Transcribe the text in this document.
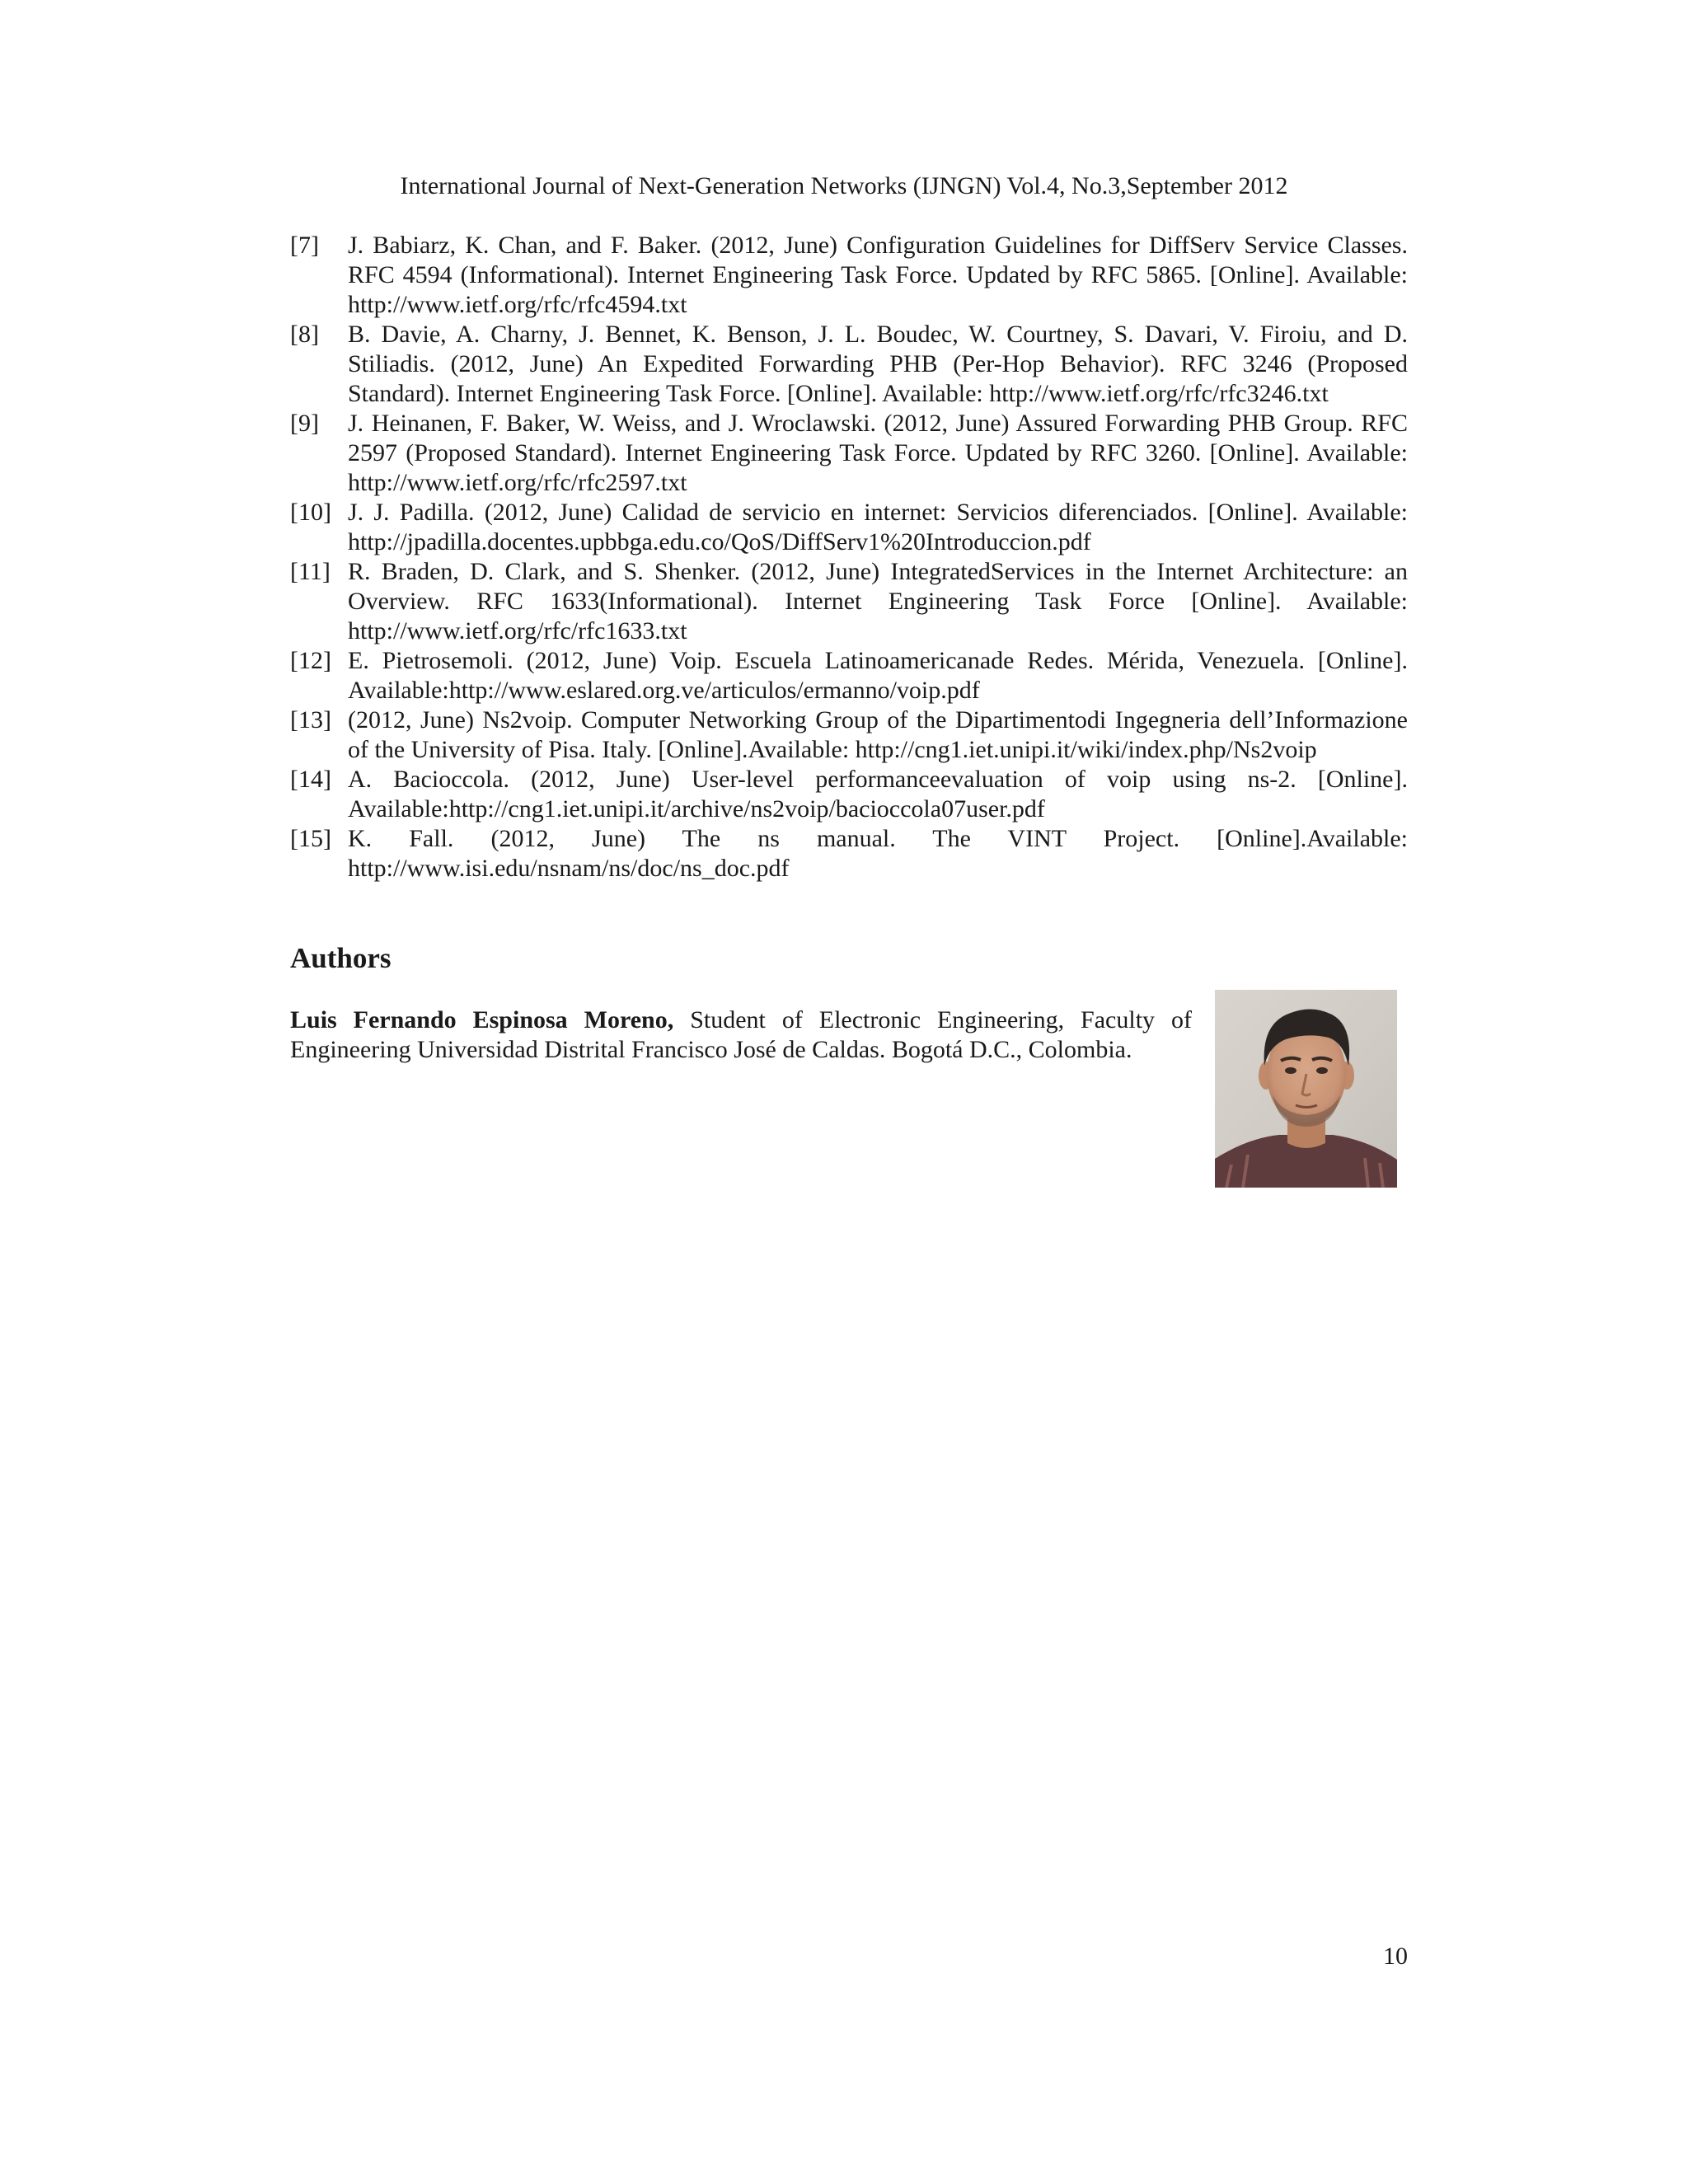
International Journal of Next-Generation Networks (IJNGN) Vol.4, No.3,September 2012
[7]	J. Babiarz, K. Chan, and F. Baker. (2012, June) Configuration Guidelines for DiffServ Service Classes. RFC 4594 (Informational). Internet Engineering Task Force. Updated by RFC 5865. [Online]. Available: http://www.ietf.org/rfc/rfc4594.txt
[8]	B. Davie, A. Charny, J. Bennet, K. Benson, J. L. Boudec, W. Courtney, S. Davari, V. Firoiu, and D. Stiliadis. (2012, June) An Expedited Forwarding PHB (Per-Hop Behavior). RFC 3246 (Proposed Standard). Internet Engineering Task Force. [Online]. Available: http://www.ietf.org/rfc/rfc3246.txt
[9]	J. Heinanen, F. Baker, W. Weiss, and J. Wroclawski. (2012, June) Assured Forwarding PHB Group. RFC 2597 (Proposed Standard). Internet Engineering Task Force. Updated by RFC 3260. [Online]. Available: http://www.ietf.org/rfc/rfc2597.txt
[10] J. J. Padilla. (2012, June) Calidad de servicio en internet: Servicios diferenciados. [Online]. Available: http://jpadilla.docentes.upbbga.edu.co/QoS/DiffServ1%20Introduccion.pdf
[11] R. Braden, D. Clark, and S. Shenker. (2012, June) IntegratedServices in the Internet Architecture: an Overview. RFC 1633(Informational). Internet Engineering Task Force [Online]. Available: http://www.ietf.org/rfc/rfc1633.txt
[12] E. Pietrosemoli. (2012, June) Voip. Escuela Latinoamericanade Redes. Mérida, Venezuela. [Online]. Available:http://www.eslared.org.ve/articulos/ermanno/voip.pdf
[13] (2012, June) Ns2voip. Computer Networking Group of the Dipartimentodi Ingegneria dell’Informazione of the University of Pisa. Italy. [Online].Available: http://cng1.iet.unipi.it/wiki/index.php/Ns2voip
[14] A. Bacioccola. (2012, June) User-level performanceevaluation of voip using ns-2. [Online]. Available:http://cng1.iet.unipi.it/archive/ns2voip/bacioccola07user.pdf
[15] K. Fall. (2012, June) The ns manual. The VINT Project. [Online].Available: http://www.isi.edu/nsnam/ns/doc/ns_doc.pdf
Authors

Luis Fernando Espinosa Moreno, Student of Electronic Engineering, Faculty of Engineering Universidad Distrital Francisco José de Caldas. Bogotá D.C., Colombia.

10
